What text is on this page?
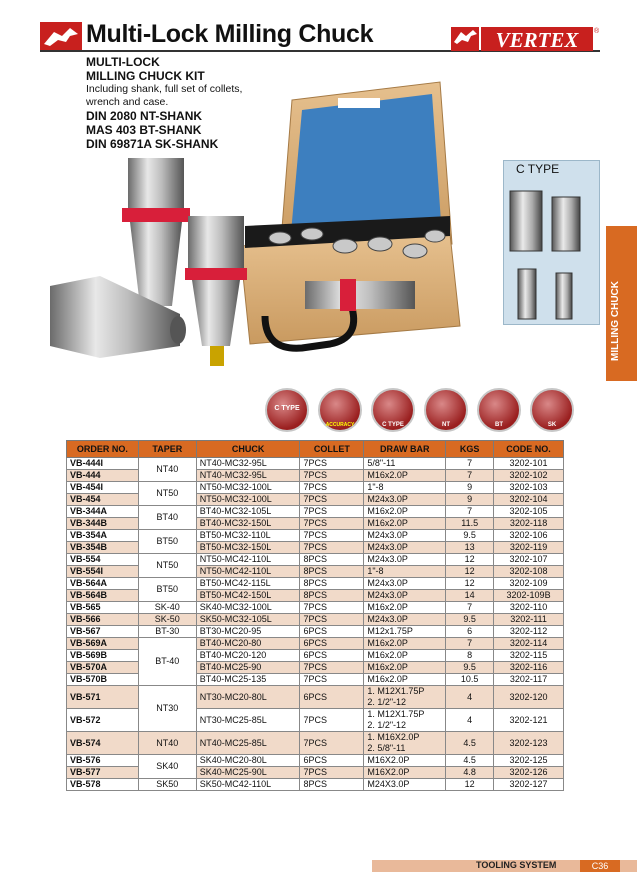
Multi-Lock Milling Chuck	VERTEX ®
MULTI-LOCK
MILLING CHUCK KIT
Including shank, full set of collets,
wrench and case.
DIN 2080 NT-SHANK
MAS 403 BT-SHANK
DIN 69871A SK-SHANK
C TYPE
MILLING CHUCK
C TYPE
ACCURACY	C TYPE	NT	BT	SK
ORDER NO.	TAPER	CHUCK	COLLET	DRAW BAR	KGS	CODE NO.
VB-444I	NT40	NT40-MC32-95L	7PCS	5/8"-11	7	3202-101
VB-444		NT40-MC32-95L	7PCS	M16x2.0P	7	3202-102
VB-454I	NT50	NT50-MC32-100L	7PCS	1"-8	9	3202-103
VB-454		NT50-MC32-100L	7PCS	M24x3.0P	9	3202-104
VB-344A	BT40	BT40-MC32-105L	7PCS	M16x2.0P	7	3202-105
VB-344B		BT40-MC32-150L	7PCS	M16x2.0P	11.5	3202-118
VB-354A	BT50	BT50-MC32-110L	7PCS	M24x3.0P	9.5	3202-106
VB-354B		BT50-MC32-150L	7PCS	M24x3.0P	13	3202-119
VB-554	NT50	NT50-MC42-110L	8PCS	M24x3.0P	12	3202-107
VB-554I		NT50-MC42-110L	8PCS	1"-8	12	3202-108
VB-564A	BT50	BT50-MC42-115L	8PCS	M24x3.0P	12	3202-109
VB-564B		BT50-MC42-150L	8PCS	M24x3.0P	14	3202-109B
VB-565	SK-40	SK40-MC32-100L	7PCS	M16x2.0P	7	3202-110
VB-566	SK-50	SK50-MC32-105L	7PCS	M24x3.0P	9.5	3202-111
VB-567	BT-30	BT30-MC20-95	6PCS	M12x1.75P	6	3202-112
VB-569A	BT-40	BT40-MC20-80	6PCS	M16x2.0P	7	3202-114
VB-569B		BT40-MC20-120	6PCS	M16x2.0P	8	3202-115
VB-570A		BT40-MC25-90	7PCS	M16x2.0P	9.5	3202-116
VB-570B		BT40-MC25-135	7PCS	M16x2.0P	10.5	3202-117
VB-571	NT30	NT30-MC20-80L	6PCS	1. M12X1.75P
2. 1/2"-12	4	3202-120
VB-572		NT30-MC25-85L	7PCS	1. M12X1.75P
2. 1/2"-12	4	3202-121
VB-574	NT40	NT40-MC25-85L	7PCS	1. M16X2.0P
2. 5/8"-11	4.5	3202-123
VB-576	SK40	SK40-MC20-80L	6PCS	M16X2.0P	4.5	3202-125
VB-577		SK40-MC25-90L	7PCS	M16X2.0P	4.8	3202-126
VB-578	SK50	SK50-MC42-110L	8PCS	M24X3.0P	12	3202-127
TOOLING SYSTEM	C36
